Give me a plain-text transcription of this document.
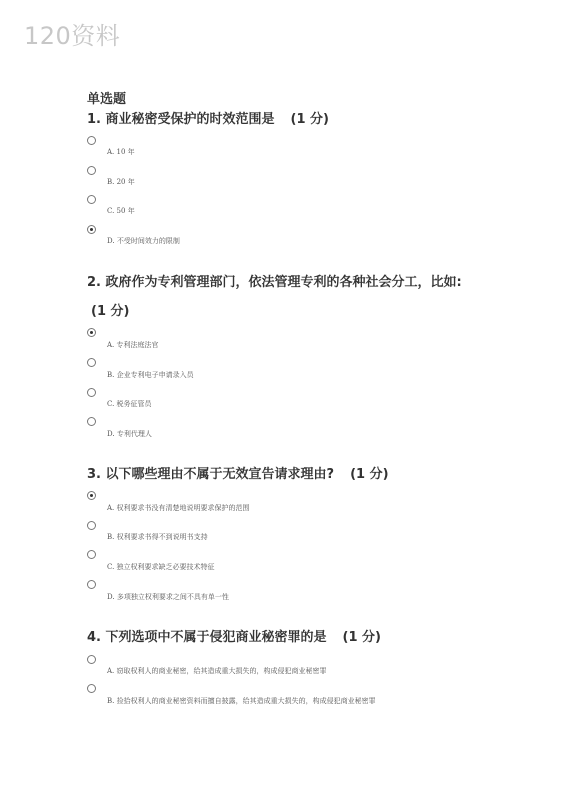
120资料
单选题
1. 商业秘密受保护的时效范围是 (1 分)
A. 10 年
B. 20 年
C. 50 年
D. 不受时间效力的限制
2. 政府作为专利管理部门，依法管理专利的各种社会分工，比如: (1 分)
A. 专利法庭法官
B. 企业专利电子申请录入员
C. 税务征管员
D. 专利代理人
3. 以下哪些理由不属于无效宣告请求理由? (1 分)
A. 权利要求书没有清楚地说明要求保护的范围
B. 权利要求书得不到说明书支持
C. 独立权利要求缺乏必要技术特征
D. 多项独立权利要求之间不具有单一性
4. 下列选项中不属于侵犯商业秘密罪的是 (1 分)
A. 窃取权利人的商业秘密，给其造成重大损失的，构成侵犯商业秘密罪
B. 捡拾权利人的商业秘密资料而擅自披露，给其造成重大损失的，构成侵犯商业秘密罪
